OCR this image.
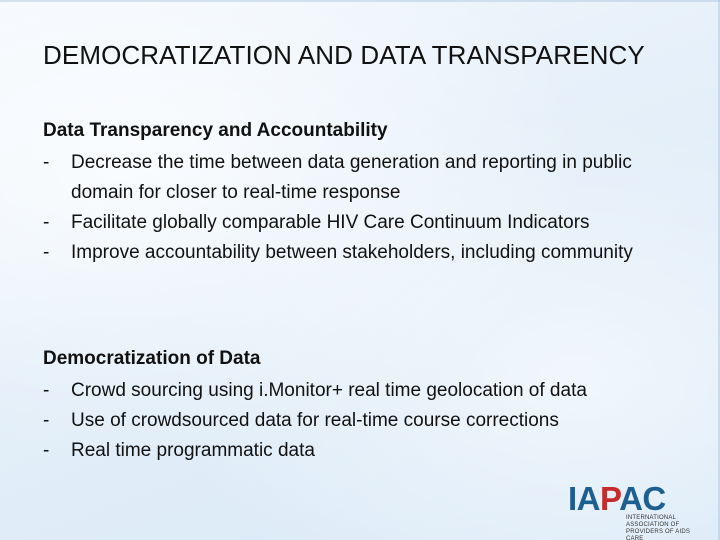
DEMOCRATIZATION AND DATA TRANSPARENCY
Data Transparency and Accountability
- Decrease the time between data generation and reporting in public domain for closer to real-time response
- Facilitate globally comparable HIV Care Continuum Indicators
- Improve accountability between stakeholders, including community
Democratization of Data
- Crowd sourcing using i.Monitor+ real time geolocation of data
- Use of crowdsourced data for real-time course corrections
- Real time programmatic data
IAPAC
INTERNATIONAL ASSOCIATION OF PROVIDERS OF AIDS CARE
